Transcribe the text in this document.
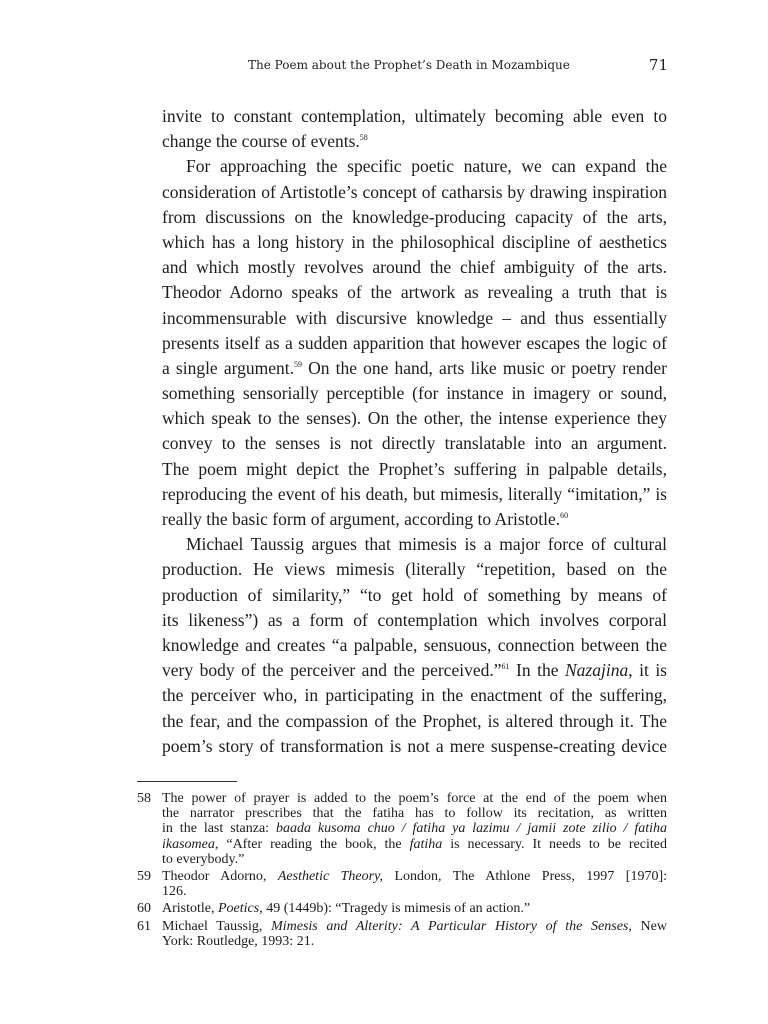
The Poem about the Prophet’s Death in Mozambique	71
invite to constant contemplation, ultimately becoming able even to
change the course of events.$^{58}$
For approaching the specific poetic nature, we can expand the
consideration of Artistotle’s concept of catharsis by drawing inspiration
from discussions on the knowledge-producing capacity of the arts,
which has a long history in the philosophical discipline of aesthetics
and which mostly revolves around the chief ambiguity of the arts.
Theodor Adorno speaks of the artwork as revealing a truth that is
incommensurable with discursive knowledge – and thus essentially
presents itself as a sudden apparition that however escapes the logic of
a single argument.$^{59}$ On the one hand, arts like music or poetry render
something sensorially perceptible (for instance in imagery or sound,
which speak to the senses). On the other, the intense experience they
convey to the senses is not directly translatable into an argument.
The poem might depict the Prophet’s suffering in palpable details,
reproducing the event of his death, but mimesis, literally “imitation,” is
really the basic form of argument, according to Aristotle.$^{60}$
Michael Taussig argues that mimesis is a major force of cultural
production. He views mimesis (literally “repetition, based on the
production of similarity,” “to get hold of something by means of
its likeness”) as a form of contemplation which involves corporal
knowledge and creates “a palpable, sensuous, connection between the
very body of the perceiver and the perceived.”$^{61}$ In the Nazajina, it is
the perceiver who, in participating in the enactment of the suffering,
the fear, and the compassion of the Prophet, is altered through it. The
poem’s story of transformation is not a mere suspense-creating device
58 The power of prayer is added to the poem’s force at the end of the poem when
the narrator prescribes that the fatiha has to follow its recitation, as written
in the last stanza: baada kusoma chuo / fatiha ya lazimu / jamii zote zilio / fatiha
ikasomea, “After reading the book, the fatiha is necessary. It needs to be recited
to everybody.”
59 Theodor Adorno, Aesthetic Theory, London, The Athlone Press, 1997 [1970]:
126.
60 Aristotle, Poetics, 49 (1449b): “Tragedy is mimesis of an action.”
61 Michael Taussig, Mimesis and Alterity: A Particular History of the Senses, New
York: Routledge, 1993: 21.
